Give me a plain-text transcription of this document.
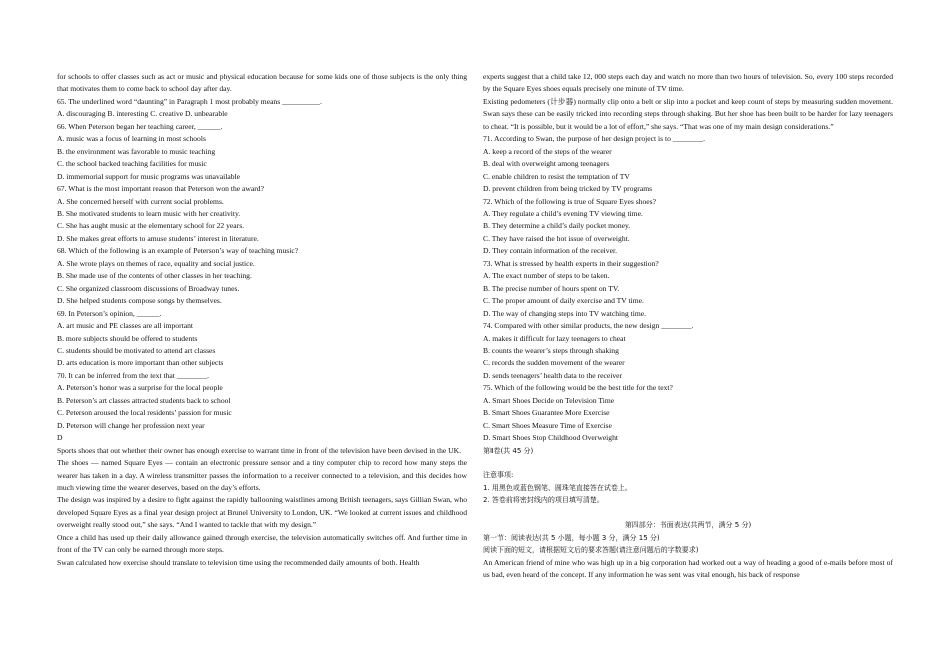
for schools to offer classes such as act or music and physical education because for some kids one of those subjects is the only thing that motivates them to come back to school day after day.

65. The underlined word “daunting” in Paragraph 1 most probably means __________.
A. discouraging B. interesting C. creative D. unbearable
66. When Peterson began her teaching career, ______.
A. music was a focus of learning in most schools
B. the environment was favorable to music teaching
C. the school backed teaching facilities for music
D. immemorial support for music programs was unavailable
67. What is the most important reason that Peterson won the award?
A. She concerned herself with current social problems.
B. She motivated students to learn music with her creativity.
C. She has aught music at the elementary school for 22 years.
D. She makes great efforts to amuse students’ interest in literature.
68. Which of the following is an example of Peterson’s way of teaching music?
A. She wrote plays on themes of race, equality and social justice.
B. She made use of the contents of other classes in her teaching.
C. She organized classroom discussions of Broadway tunes.
D. She helped students compose songs by themselves.
69. In Peterson’s opinion, ______.
A. art music and PE classes are all important
B. more subjects should be offered to students
C. students should be motivated to attend art classes
D. arts education is more important than other subjects
70. It can be inferred from the text that ________.
A. Peterson’s honor was a surprise for the local people
B. Peterson’s art classes attracted students back to school
C. Peterson aroused the local residents’ passion for music
D. Peterson will change her profession next year
D

Sports shoes that out whether their owner has enough exercise to warrant time in front of the television have been devised in the UK.

The shoes — named Square Eyes — contain an electronic pressure sensor and a tiny computer chip to record how many steps the wearer has taken in a day. A wireless transmitter passes the information to a receiver connected to a television, and this decides how much viewing time the wearer deserves, based on the day’s efforts.

The design was inspired by a desire to fight against the rapidly ballooning waistlines among British teenagers, says Gillian Swan, who developed Square Eyes as a final year design project at Brunel University to London, UK. “We looked at current issues and childhood overweight really stood out,” she says. “And I wanted to tackle that with my design.”

Once a child has used up their daily allowance gained through exercise, the television automatically switches off. And further time in front of the TV can only be earned through more steps.

Swan calculated how exercise should translate to television time using the recommended daily amounts of both. Health

experts suggest that a child take 12, 000 steps each day and watch no more than two hours of television. So, every 100 steps recorded by the Square Eyes shoes equals precisely one minute of TV time.

Existing pedometers (计步器) normally clip onto a belt or slip into a pocket and keep count of steps by measuring sudden movement. Swan says these can be easily tricked into recording steps through shaking. But her shoe has been built to be harder for lazy teenagers to cheat. “It is possible, but it would be a lot of effort,” she says. “That was one of my main design considerations.”

71. According to Swan, the purpose of her design project is to ________.
A. keep a record of the steps of the wearer
B. deal with overweight among teenagers
C. enable children to resist the temptation of TV
D. prevent children from being tricked by TV programs
72. Which of the following is true of Square Eyes shoes?
A. They regulate a child’s evening TV viewing time.
B. They determine a child’s daily pocket money.
C. They have raised the hot issue of overweight.
D. They contain information of the receiver.
73. What is stressed by health experts in their suggestion?
A. The exact number of steps to be taken.
B. The precise number of hours spent on TV.
C. The proper amount of daily exercise and TV time.
D. The way of changing steps into TV watching time.
74. Compared with other similar products, the new design ________.
A. makes it difficult for lazy teenagers to cheat
B. counts the wearer’s steps through shaking
C. records the sudden movement of the wearer
D. sends teenagers’ health data to the receiver
75. Which of the following would be the best title for the text?
A. Smart Shoes Decide on Television Time
B. Smart Shoes Guarantee More Exercise
C. Smart Shoes Measure Time of Exercise
D. Smart Shoes Stop Childhood Overweight
第Ⅱ卷(共 45 分)
注意事项:
1. 用黑色或蓝色钢笔、圆珠笔直接答在试卷上。
2. 答卷前将密封线内的项目填写清楚。
第四部分：书面表达(共两节，满分 5 分)
第一节：阅读表达(共 5 小题，每小题 3 分，满分 15 分)
阅读下面的短文，请根据短文后的要求答题(请注意问题后的字数要求)

An American friend of mine who was high up in a big corporation had worked out a way of heading a good of e-mails before most of us bad, even heard of the concept. If any information he was sent was vital enough, his back of response
